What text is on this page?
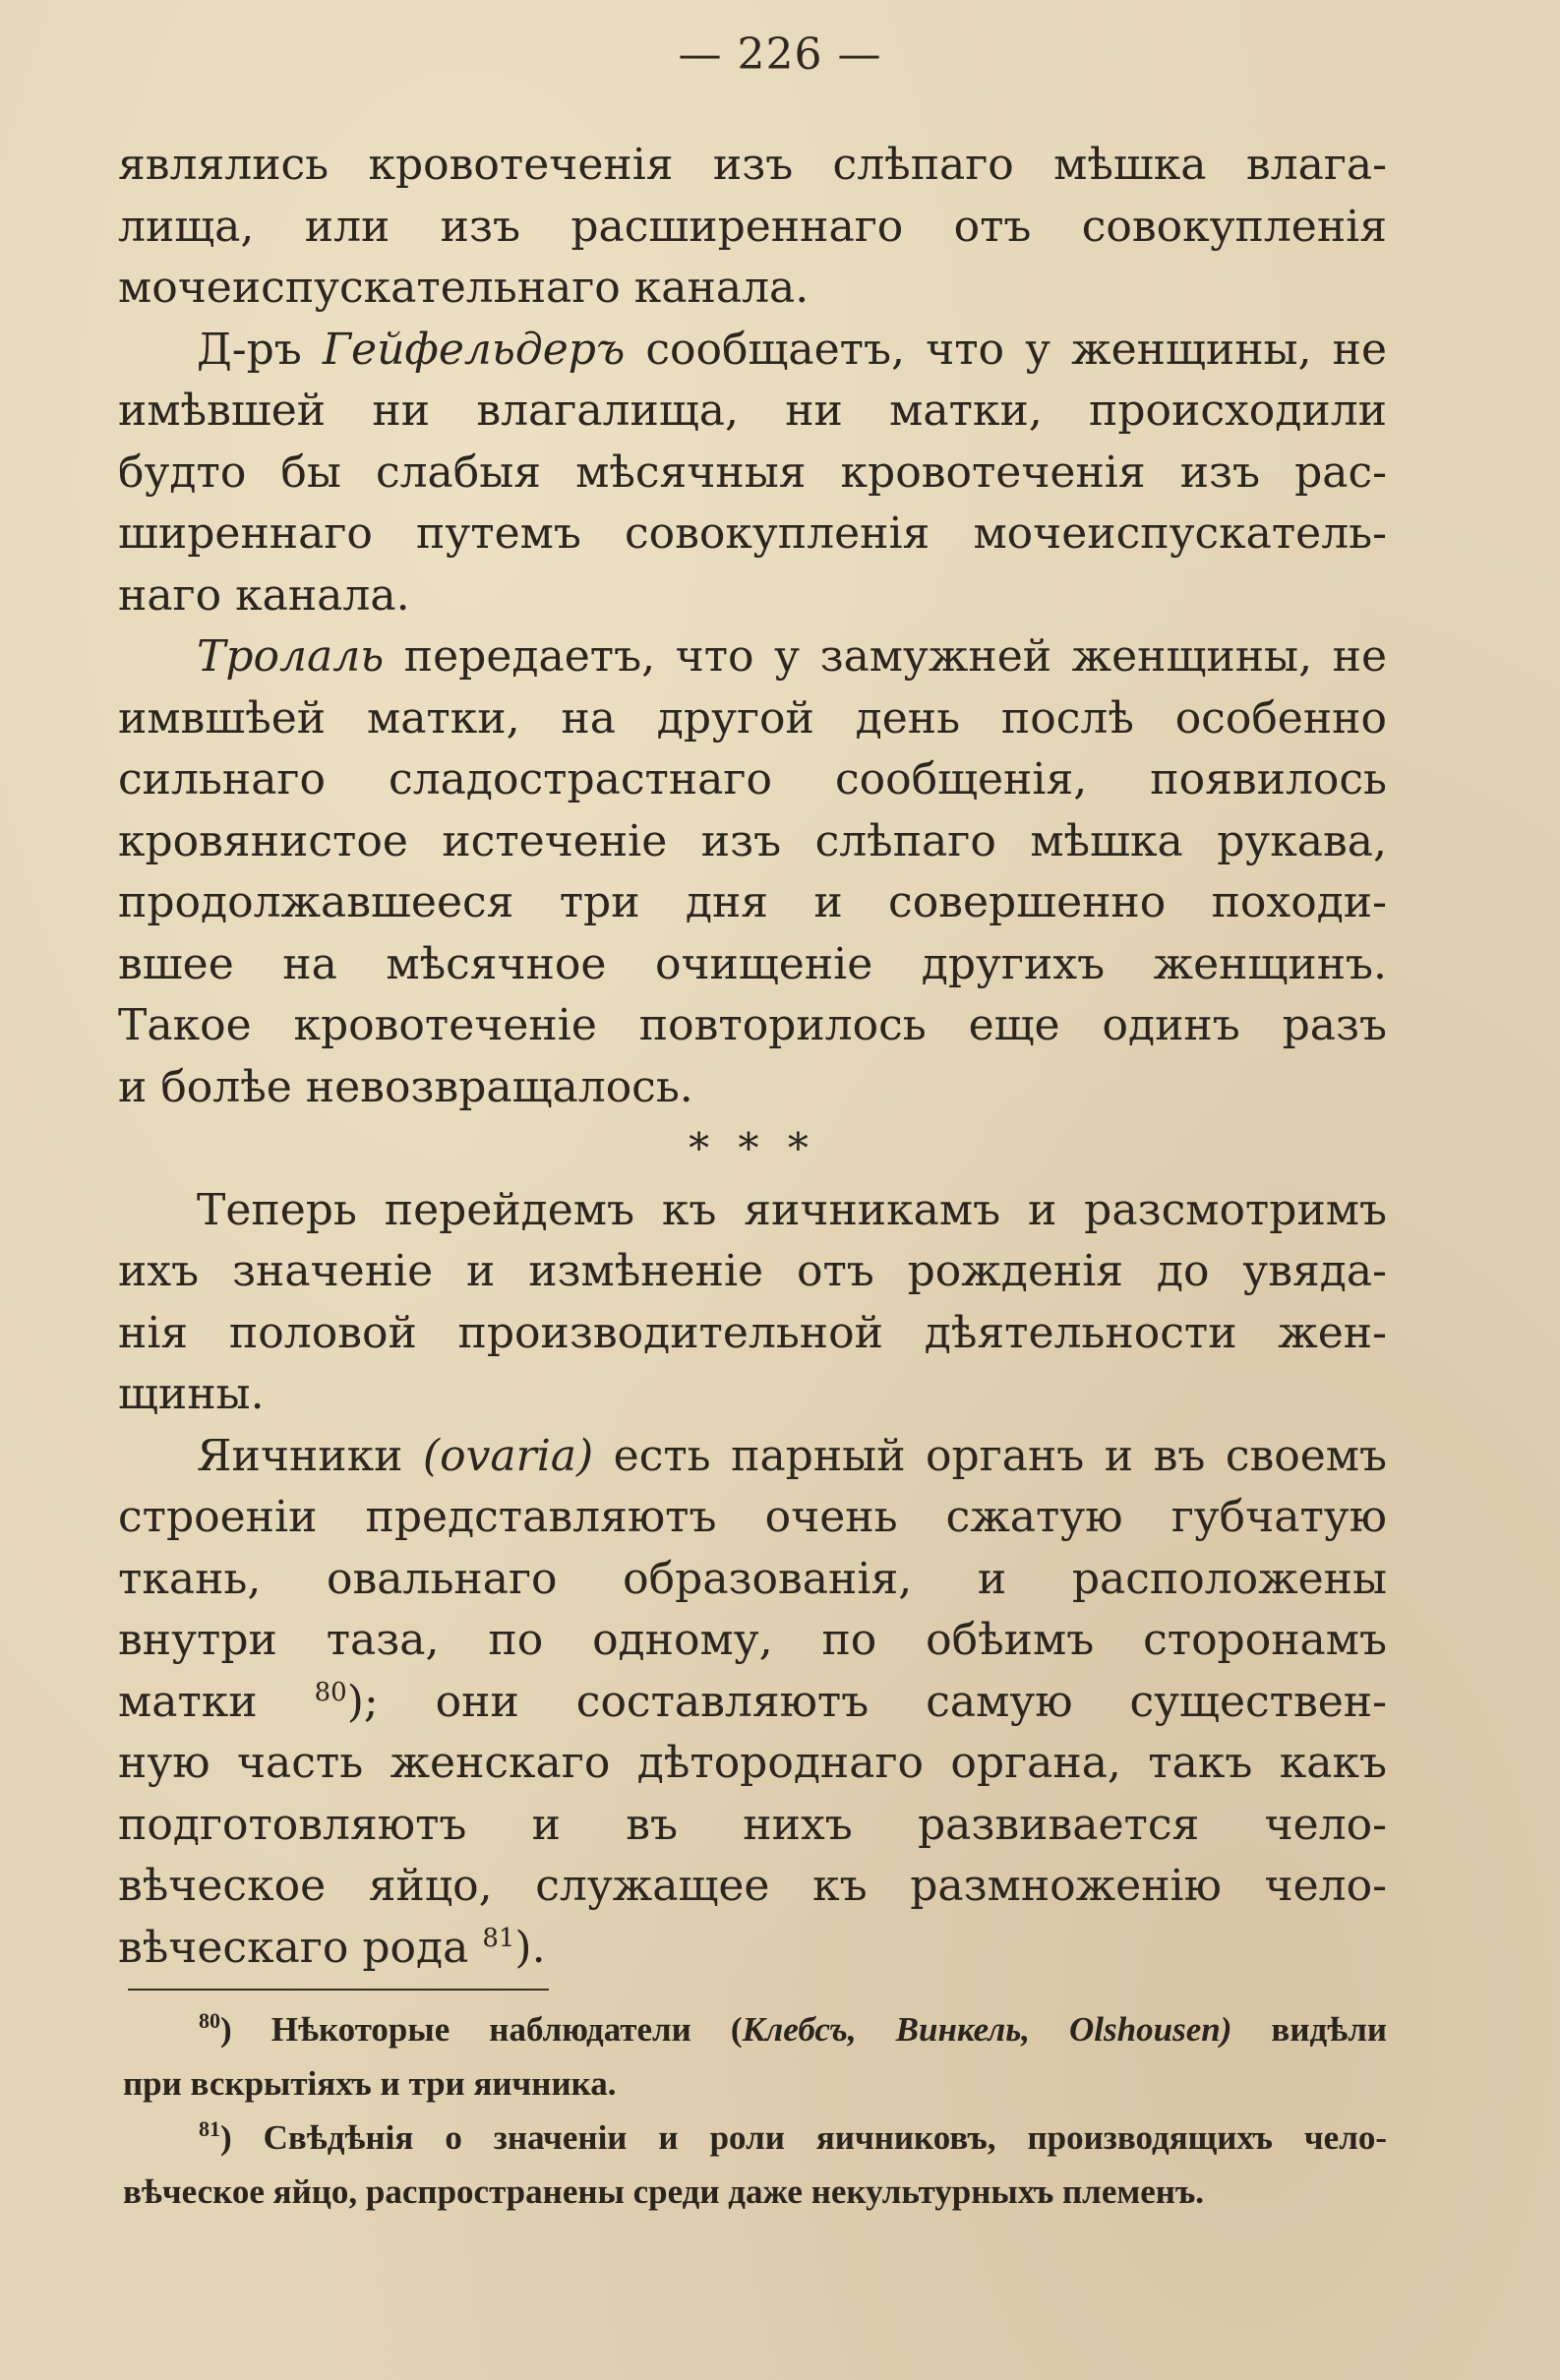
— 226 —
являлись кровотеченія изъ слѣпаго мѣшка влага-
лища, или изъ расширеннаго отъ совокупленія
мочеиспускательнаго канала.
Д-ръ Гейфельдеръ сообщаетъ, что у женщины, не
имѣвшей ни влагалища, ни матки, происходили
будто бы слабыя мѣсячныя кровотеченія изъ рас-
ширеннаго путемъ совокупленія мочеиспускатель-
наго канала.
Тролаль передаетъ, что у замужней женщины, не
имвшѣей матки, на другой день послѣ особенно
сильнаго сладострастнаго сообщенія, появилось
кровянистое истеченіе изъ слѣпаго мѣшка рукава,
продолжавшееся три дня и совершенно походи-
вшее на мѣсячное очищеніе другихъ женщинъ.
Такое кровотеченіе повторилось еще одинъ разъ
и болѣе невозвращалось.
* * *
Теперь перейдемъ къ яичникамъ и разсмотримъ
ихъ значеніе и измѣненіе отъ рожденія до увяда-
нія половой производительной дѣятельности жен-
щины.
Яичники (ovaria) есть парный органъ и въ своемъ
строеніи представляютъ очень сжатую губчатую
ткань, овальнаго образованія, и расположены
внутри таза, по одному, по обѣимъ сторонамъ
матки $^{80}$); они составляютъ самую существен-
ную часть женскаго дѣтороднаго органа, такъ какъ
подготовляютъ и въ нихъ развивается чело-
вѣческое яйцо, служащее къ размноженію чело-
вѣческаго рода $^{81}$).
$^{80}$) Нѣкоторые наблюдатели (Клебсъ, Винкель, Olshousen) видѣли
при вскрытіяхъ и три яичника.
$^{81}$) Свѣдѣнія о значеніи и роли яичниковъ, производящихъ чело-
вѣческое яйцо, распространены среди даже некультурныхъ племенъ.
